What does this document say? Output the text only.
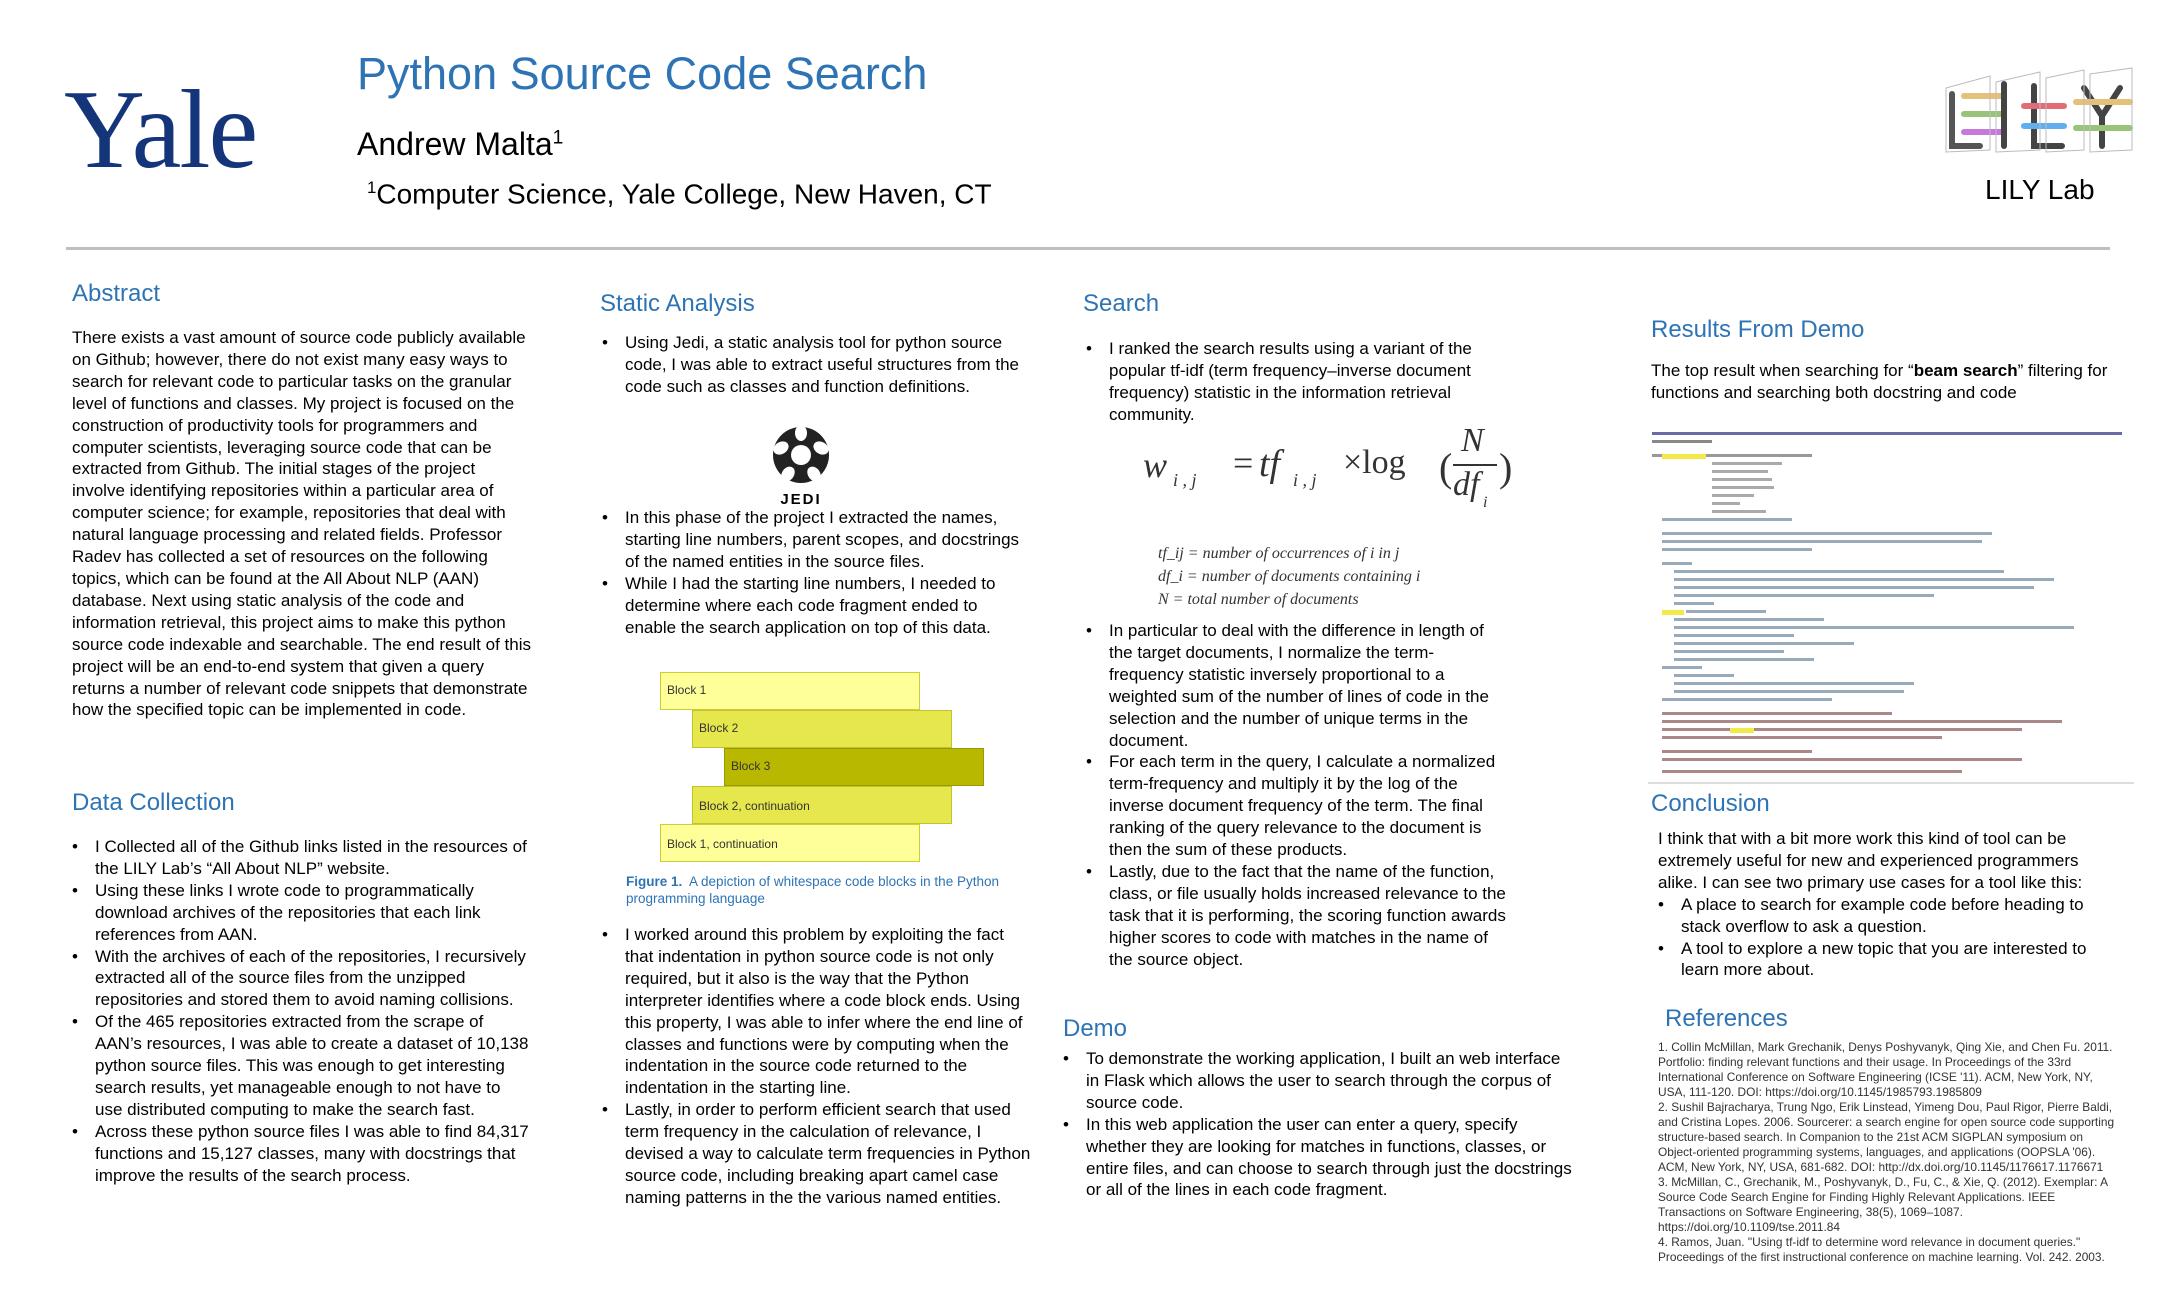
Yale Python Source Code Search
Andrew Malta$^1$
$^1$Computer Science, Yale College, New Haven, CT	LILY Lab
Abstract
There exists a vast amount of source code publicly available on Github; however, there do not exist many easy ways to search for relevant code to particular tasks on the granular level of functions and classes. My project is focused on the construction of productivity tools for programmers and computer scientists, leveraging source code that can be extracted from Github. The initial stages of the project involve identifying repositories within a particular area of computer science; for example, repositories that deal with natural language processing and related fields. Professor Radev has collected a set of resources on the following topics, which can be found at the All About NLP (AAN) database. Next using static analysis of the code and information retrieval, this project aims to make this python source code indexable and searchable. The end result of this project will be an end-to-end system that given a query returns a number of relevant code snippets that demonstrate how the specified topic can be implemented in code.
Data Collection
• I Collected all of the Github links listed in the resources of the LILY Lab’s “All About NLP” website.
• Using these links I wrote code to programmatically download archives of the repositories that each link references from AAN.
• With the archives of each of the repositories, I recursively extracted all of the source files from the unzipped repositories and stored them to avoid naming collisions.
• Of the 465 repositories extracted from the scrape of AAN’s resources, I was able to create a dataset of 10,138 python source files. This was enough to get interesting search results, yet manageable enough to not have to use distributed computing to make the search fast.
• Across these python source files I was able to find 84,317 functions and 15,127 classes, many with docstrings that improve the results of the search process.
Static Analysis
• Using Jedi, a static analysis tool for python source code, I was able to extract useful structures from the code such as classes and function definitions.
JEDI
• In this phase of the project I extracted the names, starting line numbers, parent scopes, and docstrings of the named entities in the source files.
• While I had the starting line numbers, I needed to determine where each code fragment ended to enable the search application on top of this data.
Block 1
Block 2
Block 3
Block 2, continuation
Block 1, continuation
Figure 1. A depiction of whitespace code blocks in the Python programming language
• I worked around this problem by exploiting the fact that indentation in python source code is not only required, but it also is the way that the Python interpreter identifies where a code block ends. Using this property, I was able to infer where the end line of classes and functions were by computing when the indentation in the source code returned to the indentation in the starting line.
• Lastly, in order to perform efficient search that used term frequency in the calculation of relevance, I devised a way to calculate term frequencies in Python source code, including breaking apart camel case naming patterns in the the various named entities.
Search
• I ranked the search results using a variant of the popular tf-idf (term frequency–inverse document frequency) statistic in the information retrieval community.
w i , j = tf i , j ×log (
N
df i
)
tf_ij = number of occurrences of i in j
df_i = number of documents containing i
N = total number of documents
• In particular to deal with the difference in length of the target documents, I normalize the term-frequency statistic inversely proportional to a weighted sum of the number of lines of code in the selection and the number of unique terms in the document.
• For each term in the query, I calculate a normalized term-frequency and multiply it by the log of the inverse document frequency of the term. The final ranking of the query relevance to the document is then the sum of these products.
• Lastly, due to the fact that the name of the function, class, or file usually holds increased relevance to the task that it is performing, the scoring function awards higher scores to code with matches in the name of the source object.
Demo
• To demonstrate the working application, I built an web interface in Flask which allows the user to search through the corpus of source code.
• In this web application the user can enter a query, specify whether they are looking for matches in functions, classes, or entire files, and can choose to search through just the docstrings or all of the lines in each code fragment.
Results From Demo
The top result when searching for “beam search” filtering for functions and searching both docstring and code
Conclusion
I think that with a bit more work this kind of tool can be extremely useful for new and experienced programmers alike. I can see two primary use cases for a tool like this:
• A place to search for example code before heading to stack overflow to ask a question.
• A tool to explore a new topic that you are interested to learn more about.
References

1. Collin McMillan, Mark Grechanik, Denys Poshyvanyk, Qing Xie, and Chen Fu. 2011. Portfolio: finding relevant functions and their usage. In Proceedings of the 33rd International Conference on Software Engineering (ICSE '11). ACM, New York, NY, USA, 111-120. DOI: https://doi.org/10.1145/1985793.1985809

2. Sushil Bajracharya, Trung Ngo, Erik Linstead, Yimeng Dou, Paul Rigor, Pierre Baldi, and Cristina Lopes. 2006. Sourcerer: a search engine for open source code supporting structure-based search. In Companion to the 21st ACM SIGPLAN symposium on Object-oriented programming systems, languages, and applications (OOPSLA '06). ACM, New York, NY, USA, 681-682. DOI: http://dx.doi.org/10.1145/1176617.1176671

3. McMillan, C., Grechanik, M., Poshyvanyk, D., Fu, C., & Xie, Q. (2012). Exemplar: A Source Code Search Engine for Finding Highly Relevant Applications. IEEE Transactions on Software Engineering, 38(5), 1069–1087. https://doi.org/10.1109/tse.2011.84

4. Ramos, Juan. "Using tf-idf to determine word relevance in document queries." Proceedings of the first instructional conference on machine learning. Vol. 242. 2003.
